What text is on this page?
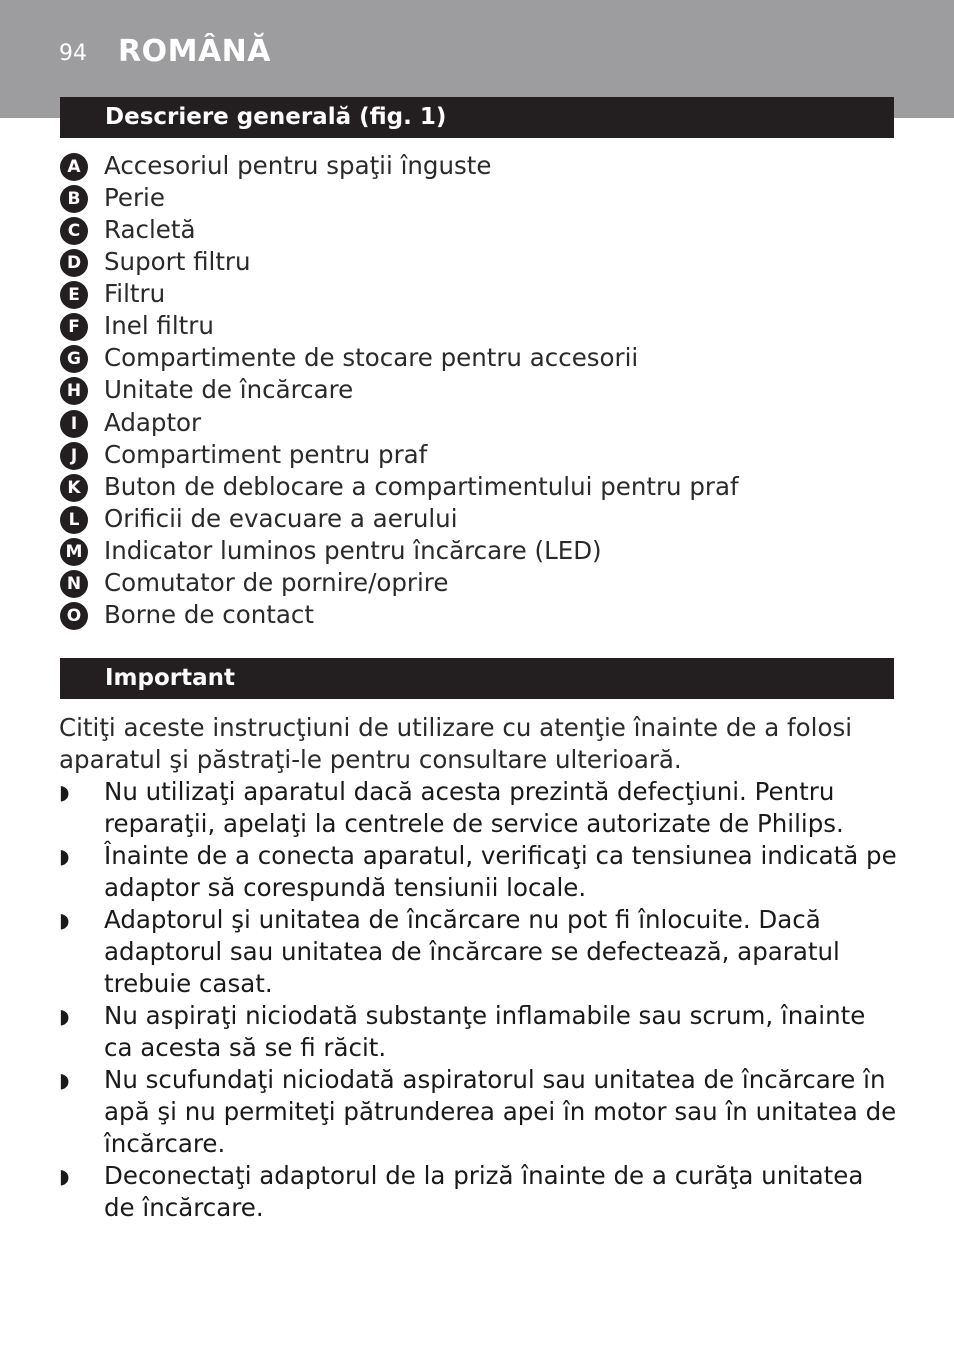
94 ROMÂNĂ
Descriere generală (fig. 1)
A Accesoriul pentru spaţii înguste
B Perie
C Racletă
D Suport filtru
E Filtru
F Inel filtru
G Compartimente de stocare pentru accesorii
H Unitate de încărcare
I	Adaptor
J	Compartiment pentru praf
K Buton de deblocare a compartimentului pentru praf
L	Orificii de evacuare a aerului
M Indicator luminos pentru încărcare (LED)
N Comutator de pornire/oprire
O Borne de contact
Important

Citiţi aceste instrucţiuni de utilizare cu atenţie înainte de a folosi aparatul şi păstraţi-le pentru consultare ulterioară.

◗ Nu utilizaţi aparatul dacă acesta prezintă defecţiuni. Pentru reparaţii, apelaţi la centrele de service autorizate de Philips.
◗ Înainte de a conecta aparatul, verificaţi ca tensiunea indicată pe adaptor să corespundă tensiunii locale.
◗ Adaptorul şi unitatea de încărcare nu pot fi înlocuite. Dacă adaptorul sau unitatea de încărcare se defectează, aparatul trebuie casat.
◗ Nu aspiraţi niciodată substanţe inflamabile sau scrum, înainte ca acesta să se fi răcit.
◗ Nu scufundaţi niciodată aspiratorul sau unitatea de încărcare în apă şi nu permiteţi pătrunderea apei în motor sau în unitatea de încărcare.
◗ Deconectaţi adaptorul de la priză înainte de a curăţa unitatea de încărcare.
